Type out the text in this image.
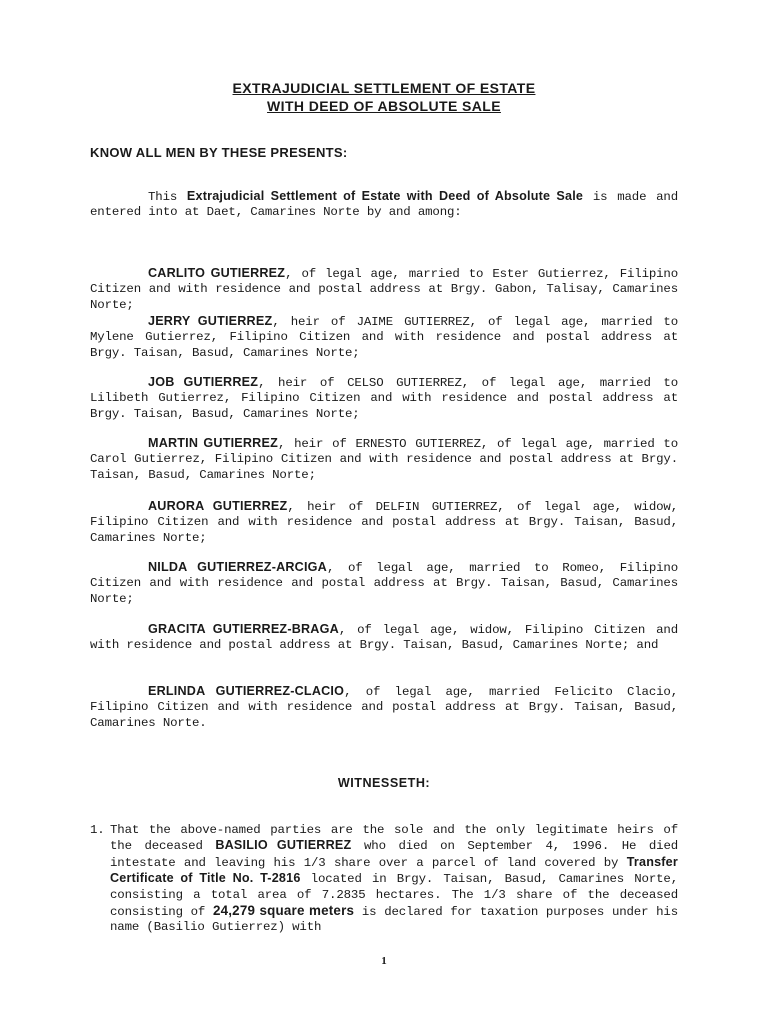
EXTRAJUDICIAL SETTLEMENT OF ESTATE
WITH DEED OF ABSOLUTE SALE
KNOW ALL MEN BY THESE PRESENTS:
This Extrajudicial Settlement of Estate with Deed of Absolute Sale is made and entered into at Daet, Camarines Norte by and among:
CARLITO GUTIERREZ, of legal age, married to Ester Gutierrez, Filipino Citizen and with residence and postal address at Brgy. Gabon, Talisay, Camarines Norte;
JERRY GUTIERREZ, heir of JAIME GUTIERREZ, of legal age, married to Mylene Gutierrez, Filipino Citizen and with residence and postal address at Brgy. Taisan, Basud, Camarines Norte;
JOB GUTIERREZ, heir of CELSO GUTIERREZ, of legal age, married to Lilibeth Gutierrez, Filipino Citizen and with residence and postal address at Brgy. Taisan, Basud, Camarines Norte;
MARTIN GUTIERREZ, heir of ERNESTO GUTIERREZ, of legal age, married to Carol Gutierrez, Filipino Citizen and with residence and postal address at Brgy. Taisan, Basud, Camarines Norte;
AURORA GUTIERREZ, heir of DELFIN GUTIERREZ, of legal age, widow, Filipino Citizen and with residence and postal address at Brgy. Taisan, Basud, Camarines Norte;
NILDA GUTIERREZ-ARCIGA, of legal age, married to Romeo, Filipino Citizen and with residence and postal address at Brgy. Taisan, Basud, Camarines Norte;
GRACITA GUTIERREZ-BRAGA, of legal age, widow, Filipino Citizen and with residence and postal address at Brgy. Taisan, Basud, Camarines Norte; and
ERLINDA GUTIERREZ-CLACIO, of legal age, married Felicito Clacio, Filipino Citizen and with residence and postal address at Brgy. Taisan, Basud, Camarines Norte.
WITNESSETH:
1. That the above-named parties are the sole and the only legitimate heirs of the deceased BASILIO GUTIERREZ who died on September 4, 1996. He died intestate and leaving his 1/3 share over a parcel of land covered by Transfer Certificate of Title No. T-2816 located in Brgy. Taisan, Basud, Camarines Norte, consisting a total area of 7.2835 hectares. The 1/3 share of the deceased consisting of 24,279 square meters is declared for taxation purposes under his name (Basilio Gutierrez) with
1
